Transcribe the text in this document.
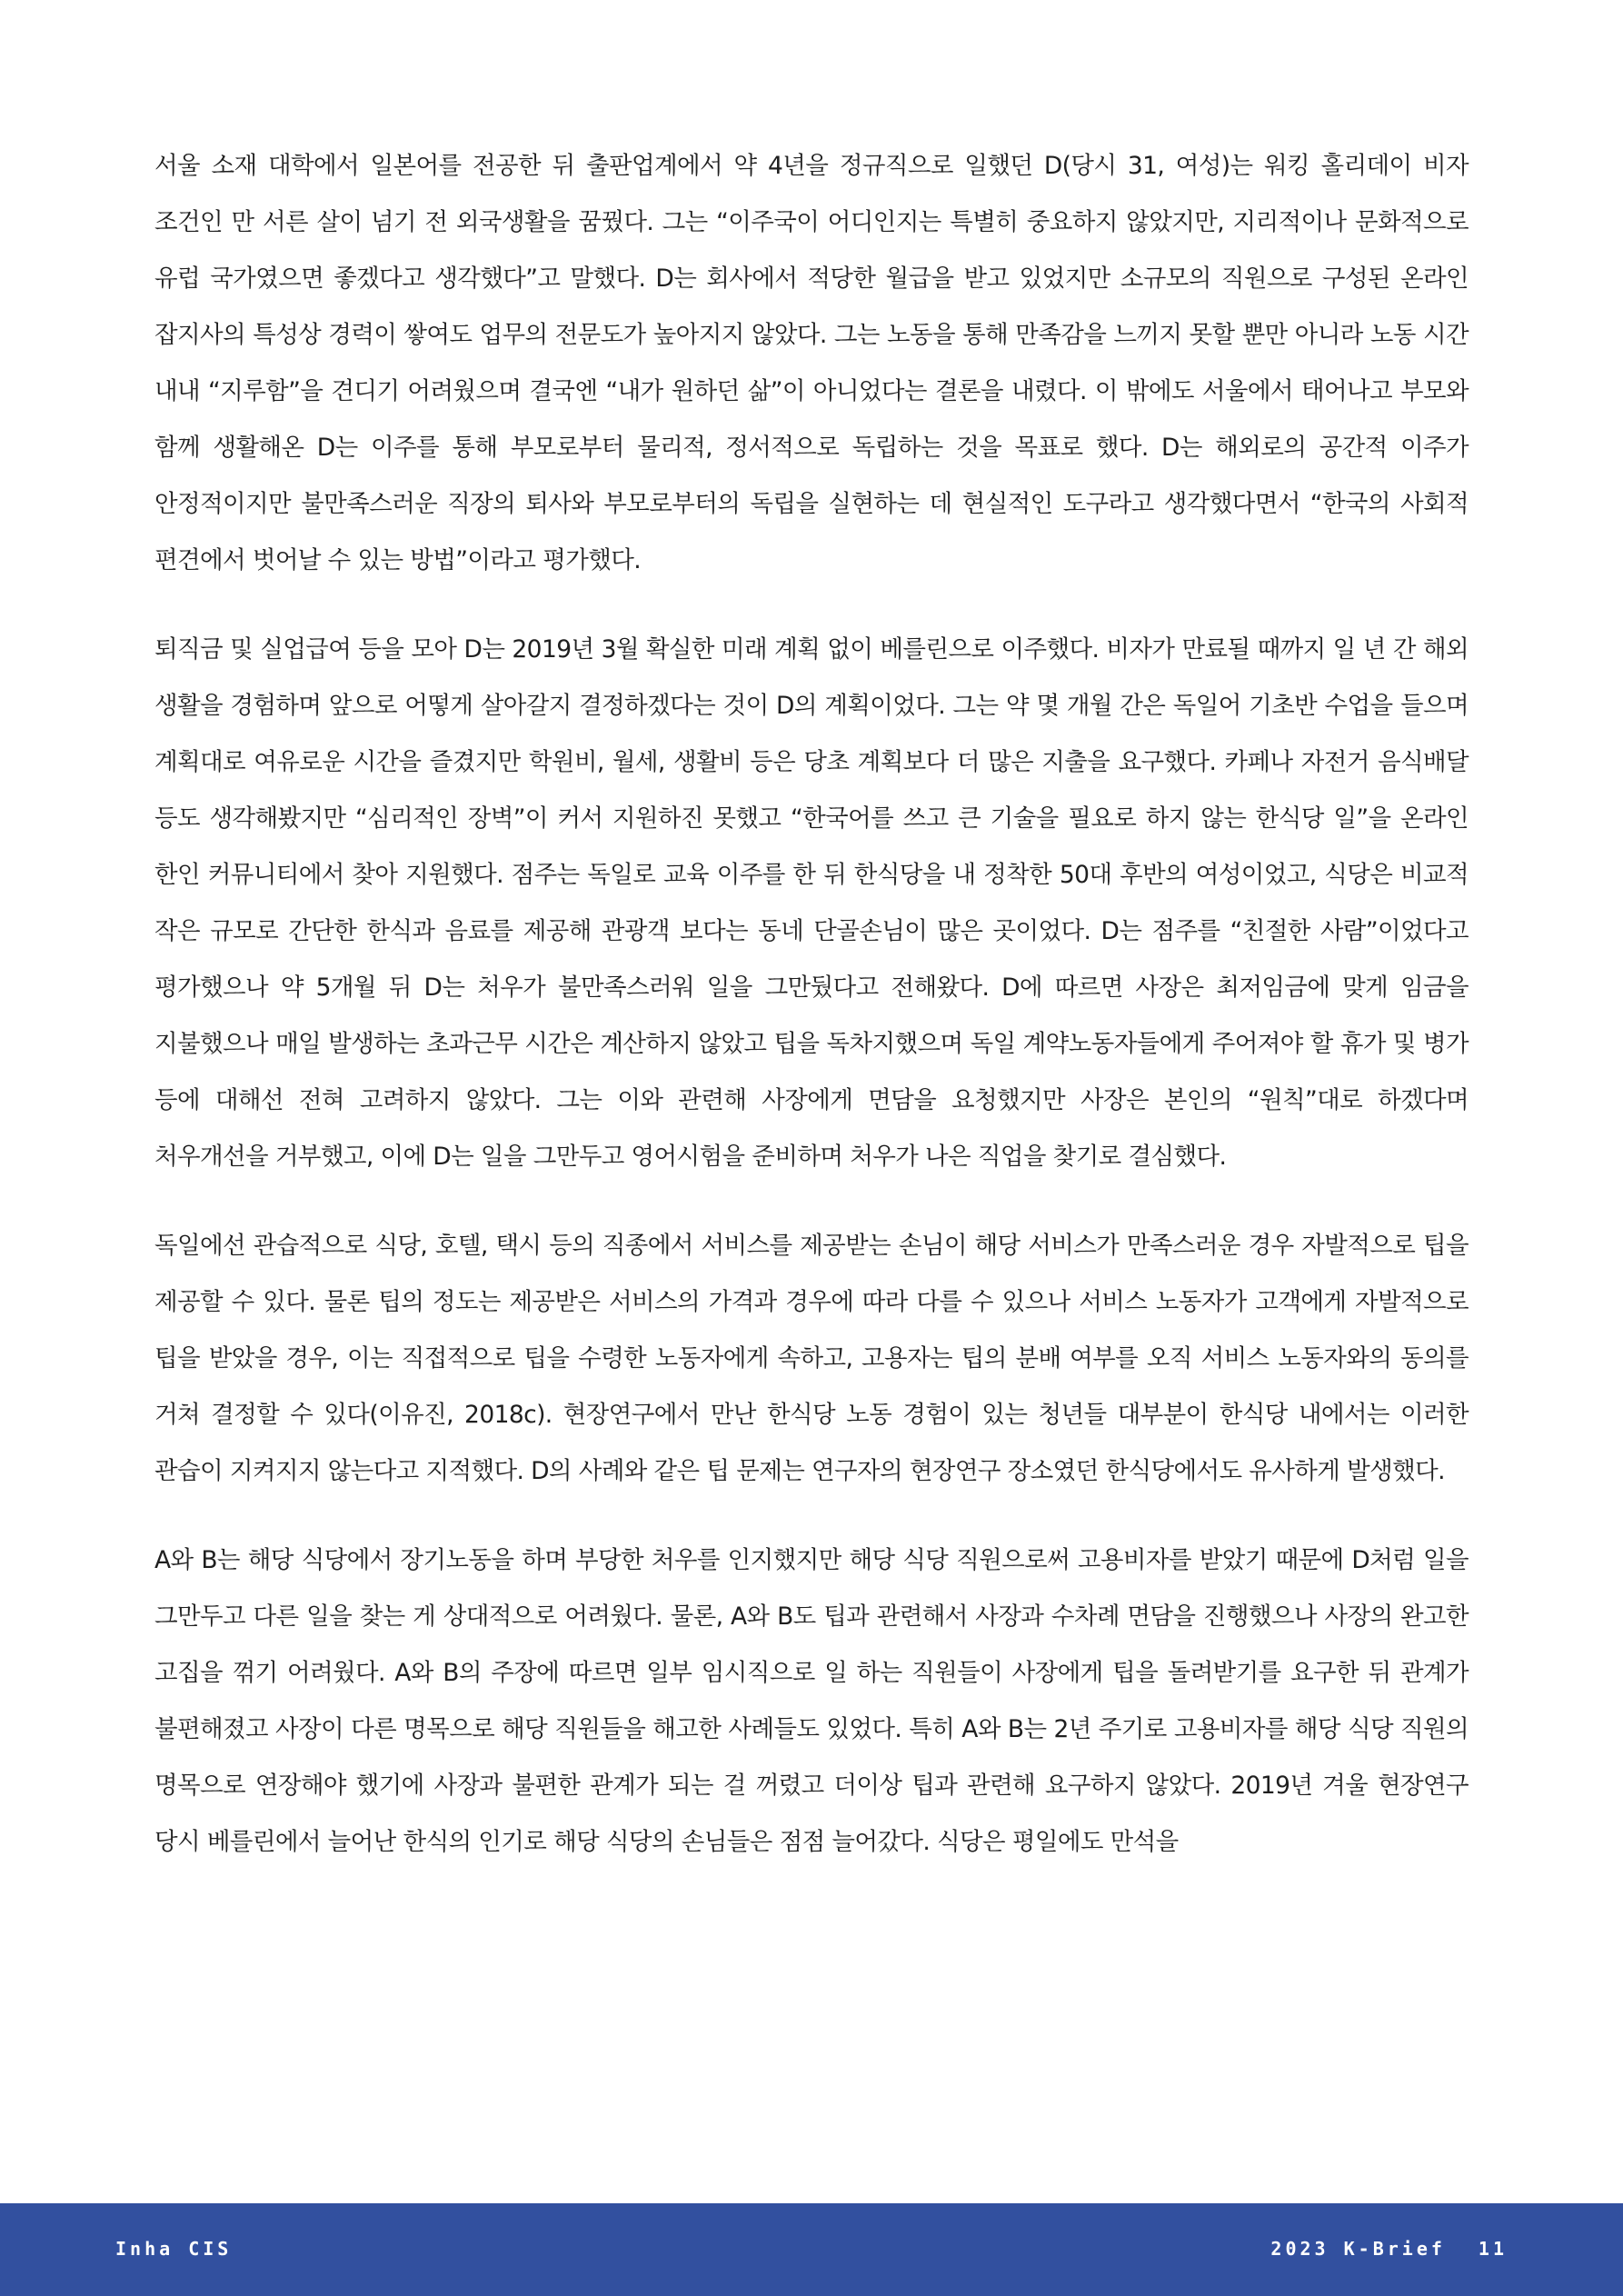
서울 소재 대학에서 일본어를 전공한 뒤 출판업계에서 약 4년을 정규직으로 일했던 D(당시 31, 여성)는 워킹 홀리데이 비자 조건인 만 서른 살이 넘기 전 외국생활을 꿈꿨다. 그는 “이주국이 어디인지는 특별히 중요하지 않았지만, 지리적이나 문화적으로 유럽 국가였으면 좋겠다고 생각했다”고 말했다. D는 회사에서 적당한 월급을 받고 있었지만 소규모의 직원으로 구성된 온라인 잡지사의 특성상 경력이 쌓여도 업무의 전문도가 높아지지 않았다. 그는 노동을 통해 만족감을 느끼지 못할 뿐만 아니라 노동 시간 내내 “지루함”을 견디기 어려웠으며 결국엔 “내가 원하던 삶”이 아니었다는 결론을 내렸다. 이 밖에도 서울에서 태어나고 부모와 함께 생활해온 D는 이주를 통해 부모로부터 물리적, 정서적으로 독립하는 것을 목표로 했다. D는 해외로의 공간적 이주가 안정적이지만 불만족스러운 직장의 퇴사와 부모로부터의 독립을 실현하는 데 현실적인 도구라고 생각했다면서 “한국의 사회적 편견에서 벗어날 수 있는 방법”이라고 평가했다.

퇴직금 및 실업급여 등을 모아 D는 2019년 3월 확실한 미래 계획 없이 베를린으로 이주했다. 비자가 만료될 때까지 일 년 간 해외 생활을 경험하며 앞으로 어떻게 살아갈지 결정하겠다는 것이 D의 계획이었다. 그는 약 몇 개월 간은 독일어 기초반 수업을 들으며 계획대로 여유로운 시간을 즐겼지만 학원비, 월세, 생활비 등은 당초 계획보다 더 많은 지출을 요구했다. 카페나 자전거 음식배달 등도 생각해봤지만 “심리적인 장벽”이 커서 지원하진 못했고 “한국어를 쓰고 큰 기술을 필요로 하지 않는 한식당 일”을 온라인 한인 커뮤니티에서 찾아 지원했다. 점주는 독일로 교육 이주를 한 뒤 한식당을 내 정착한 50대 후반의 여성이었고, 식당은 비교적 작은 규모로 간단한 한식과 음료를 제공해 관광객 보다는 동네 단골손님이 많은 곳이었다. D는 점주를 “친절한 사람”이었다고 평가했으나 약 5개월 뒤 D는 처우가 불만족스러워 일을 그만뒀다고 전해왔다. D에 따르면 사장은 최저임금에 맞게 임금을 지불했으나 매일 발생하는 초과근무 시간은 계산하지 않았고 팁을 독차지했으며 독일 계약노동자들에게 주어져야 할 휴가 및 병가 등에 대해선 전혀 고려하지 않았다. 그는 이와 관련해 사장에게 면담을 요청했지만 사장은 본인의 “원칙”대로 하겠다며 처우개선을 거부했고, 이에 D는 일을 그만두고 영어시험을 준비하며 처우가 나은 직업을 찾기로 결심했다.

독일에선 관습적으로 식당, 호텔, 택시 등의 직종에서 서비스를 제공받는 손님이 해당 서비스가 만족스러운 경우 자발적으로 팁을 제공할 수 있다. 물론 팁의 정도는 제공받은 서비스의 가격과 경우에 따라 다를 수 있으나 서비스 노동자가 고객에게 자발적으로 팁을 받았을 경우, 이는 직접적으로 팁을 수령한 노동자에게 속하고, 고용자는 팁의 분배 여부를 오직 서비스 노동자와의 동의를 거쳐 결정할 수 있다(이유진, 2018c). 현장연구에서 만난 한식당 노동 경험이 있는 청년들 대부분이 한식당 내에서는 이러한 관습이 지켜지지 않는다고 지적했다. D의 사례와 같은 팁 문제는 연구자의 현장연구 장소였던 한식당에서도 유사하게 발생했다.

A와 B는 해당 식당에서 장기노동을 하며 부당한 처우를 인지했지만 해당 식당 직원으로써 고용비자를 받았기 때문에 D처럼 일을 그만두고 다른 일을 찾는 게 상대적으로 어려웠다. 물론, A와 B도 팁과 관련해서 사장과 수차례 면담을 진행했으나 사장의 완고한 고집을 꺾기 어려웠다. A와 B의 주장에 따르면 일부 임시직으로 일 하는 직원들이 사장에게 팁을 돌려받기를 요구한 뒤 관계가 불편해졌고 사장이 다른 명목으로 해당 직원들을 해고한 사례들도 있었다. 특히 A와 B는 2년 주기로 고용비자를 해당 식당 직원의 명목으로 연장해야 했기에 사장과 불편한 관계가 되는 걸 꺼렸고 더이상 팁과 관련해 요구하지 않았다. 2019년 겨울 현장연구 당시 베를린에서 늘어난 한식의 인기로 해당 식당의 손님들은 점점 늘어갔다. 식당은 평일에도 만석을

Inha CIS	2023 K-Brief 11
